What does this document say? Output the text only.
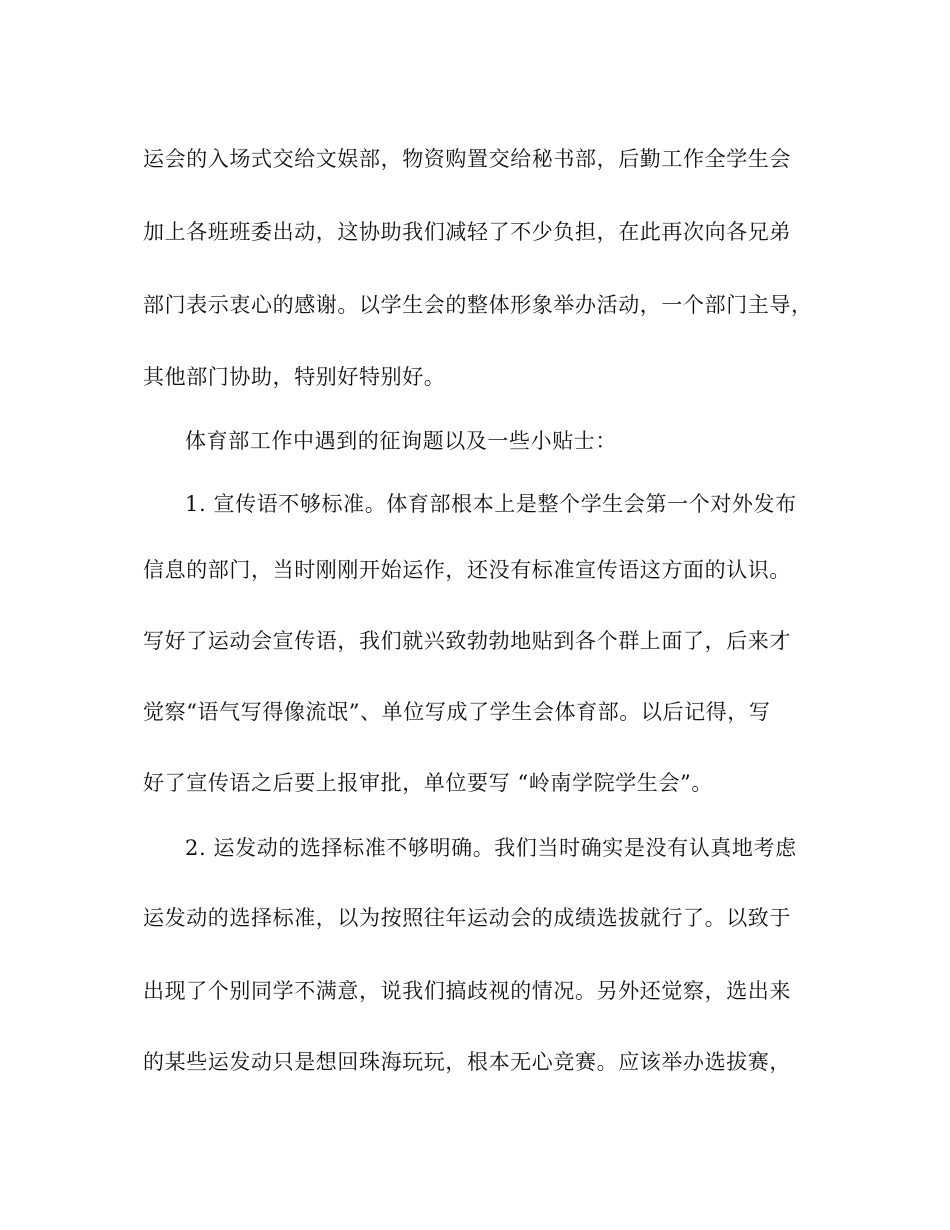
运会的入场式交给文娱部，物资购置交给秘书部，后勤工作全学生会
加上各班班委出动，这协助我们减轻了不少负担，在此再次向各兄弟
部门表示衷心的感谢。以学生会的整体形象举办活动，一个部门主导，
其他部门协助，特别好特别好。
体育部工作中遇到的征询题以及一些小贴士：
1. 宣传语不够标准。体育部根本上是整个学生会第一个对外发布
信息的部门，当时刚刚开始运作，还没有标准宣传语这方面的认识。
写好了运动会宣传语，我们就兴致勃勃地贴到各个群上面了，后来才
觉察“语气写得像流氓”、单位写成了学生会体育部。以后记得，写
好了宣传语之后要上报审批，单位要写 “岭南学院学生会”。
2. 运发动的选择标准不够明确。我们当时确实是没有认真地考虑
运发动的选择标准，以为按照往年运动会的成绩选拔就行了。以致于
出现了个别同学不满意，说我们搞歧视的情况。另外还觉察，选出来
的某些运发动只是想回珠海玩玩，根本无心竞赛。应该举办选拔赛，
